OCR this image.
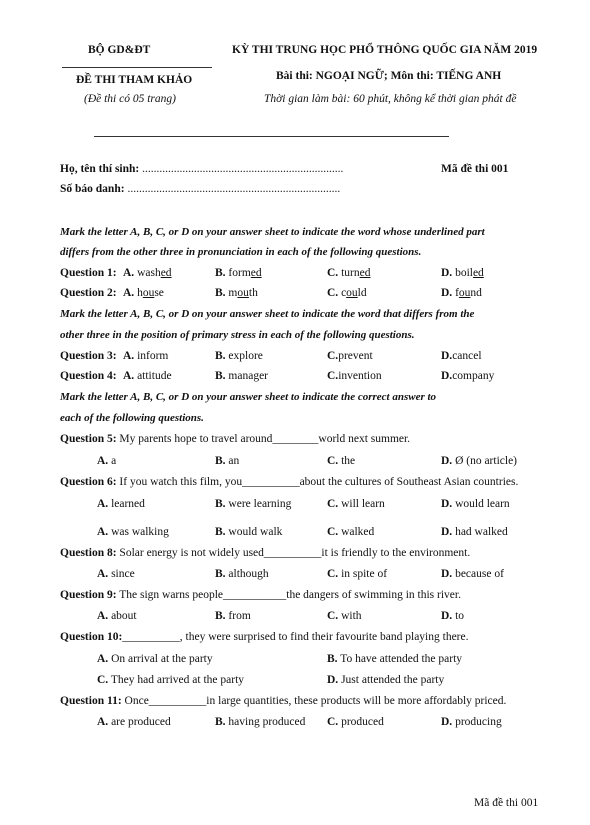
BỘ GD&ĐT	KỲ THI TRUNG HỌC PHỔ THÔNG QUỐC GIA NĂM 2019
ĐỀ THI THAM KHẢO	Bài thi: NGOẠI NGỮ; Môn thi: TIẾNG ANH
(Đề thi có 05 trang)	Thời gian làm bài: 60 phút, không kể thời gian phát đề
Họ, tên thí sinh: ......................................................................	Mã đề thi 001
Số báo danh: ..........................................................................
Mark the letter A, B, C, or D on your answer sheet to indicate the word whose underlined part
differs from the other three in pronunciation in each of the following questions.
Question 1: A. washed	B. formed	C. turned	D. boiled
Question 2: A. house	B. mouth	C. could	D. found
Mark the letter A, B, C, or D on your answer sheet to indicate the word that differs from the
other three in the position of primary stress in each of the following questions.
Question 3: A. inform	B. explore	C.prevent	D.cancel
Question 4: A. attitude	B. manager	C.invention	D.company
Mark the letter A, B, C, or D on your answer sheet to indicate the correct answer to
each of the following questions.
Question 5: My parents hope to travel around________world next summer.
A. a	B. an	C. the	D. Ø (no article)
Question 6: If you watch this film, you__________about the cultures of Southeast Asian countries.
A. learned	B. were learning	C. will learn	D. would learn
A. was walking	B. would walk	C. walked	D. had walked
Question 8: Solar energy is not widely used__________it is friendly to the environment.
A. since	B. although	C. in spite of	D. because of
Question 9: The sign warns people___________the dangers of swimming in this river.
A. about	B. from	C. with	D. to
Question 10:__________, they were surprised to find their favourite band playing there.
A. On arrival at the party	B. To have attended the party
C. They had arrived at the party	D. Just attended the party
Question 11: Once__________in large quantities, these products will be more affordably priced.
A. are produced	B. having produced C. produced	D. producing
Mã đề thi 001
